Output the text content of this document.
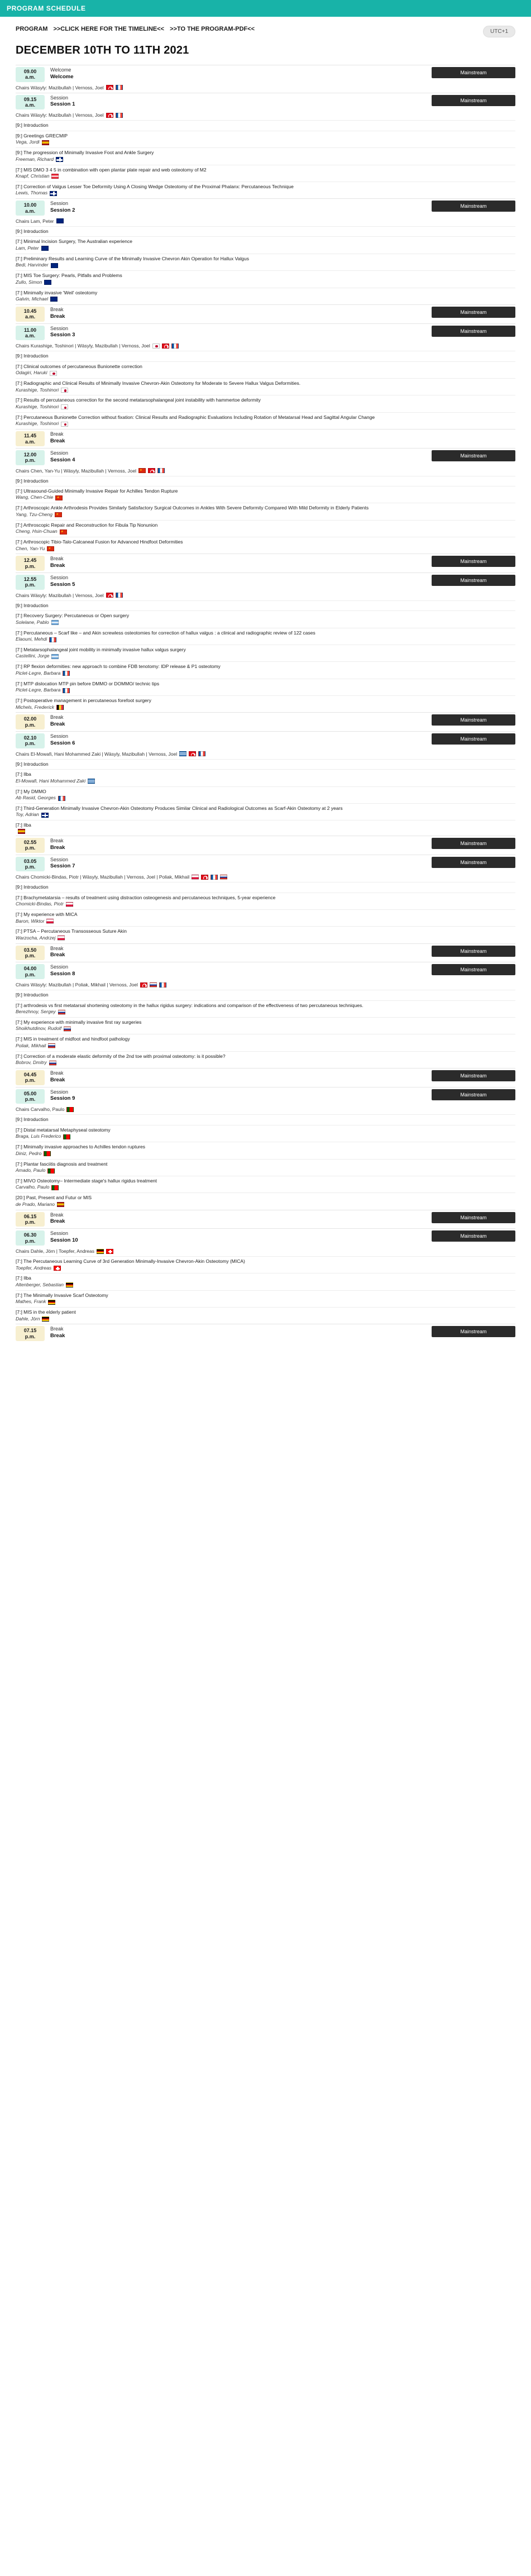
PROGRAM SCHEDULE
PROGRAM >>CLICK HERE FOR THE TIMELINE<< >>TO THE PROGRAM-PDF<<	UTC+1
DECEMBER 10TH TO 11TH 2021
09.00
a.m.
Welcome
Welcome
Mainstream
Chairs Wäsyly: Mazibullah | Vernoss, Joel
09.15
a.m.
Session
Session 1
Mainstream
Chairs Wäsyly: Mazibullah | Vernoss, Joel
[9:] Introduction
[9:] Greetings GRECMIP
Vega, Jordi
[9:] The progression of Minimally Invasive Foot and Ankle Surgery
Freeman, Richard
[7:] MIS DMO 3 4 5 in combination with open plantar plate repair and web osteotomy of M2
Knapf, Christian
[7:] Correction of Valgus Lesser Toe Deformity Using A Closing Wedge Osteotomy of the Proximal Phalanx: Percutaneous Technique
Lewis, Thomas
10.00
a.m.
Session
Session 2
Mainstream
Chairs Lam, Peter
[9:] Introduction
[7:] Minimal Incision Surgery, The Australian experience
Lam, Peter
[7:] Preliminary Results and Learning Curve of the Minimally Invasive Chevron Akin Operation for Hallux Valgus
Bedi, Harvinder
[7:] MIS Toe Surgery: Pearls, Pitfalls and Problems
Zullo, Simon
[7:] Minimally invasive 'Weil' osteotomy
Galvin, Michael
10.45
a.m.
Break
Break
Mainstream
11.00
a.m.
Session
Session 3
Mainstream
Chairs Kurashige, Toshinori | Wäsyly, Mazibullah | Vernoss, Joel
[9:] Introduction
[7:] Clinical outcomes of percutaneous Bunionette correction
Odagiri, Haruki
[7:] Radiographic and Clinical Results of Minimally Invasive Chevron-Akin Osteotomy for Moderate to Severe Hallux Valgus Deformities.
Kurashige, Toshinori
[7:] Results of percutaneous correction for the second metatarsophalangeal joint instability with hammertoe deformity
Kurashige, Toshinori
[7:] Percutaneous Bunionette Correction without fixation: Clinical Results and Radiographic Evaluations Including Rotation of Metatarsal Head and Sagittal Angular Change
Kurashige, Toshinori
11.45
a.m.
Break
Break
12.00
p.m.
Session
Session 4
Mainstream
Chairs Chen, Yan-Yu | Wäsyly, Mazibullah | Vernoss, Joel
★
[9:] Introduction
[7:] Ultrasound-Guided Minimally Invasive Repair for Achilles Tendon Rupture
Wang, Chen-Chie
★
[7:] Arthroscopic Ankle Arthrodesis Provides Similarly Satisfactory Surgical Outcomes in Ankles With Severe Deformity Compared With Mild Deformity in Elderly Patients
Yang, Tzu-Cheng
★
[7:] Arthroscopic Repair and Reconstruction for Fibula Tip Nonunion
Cheng, Hsin-Chuan
★
[7:] Arthroscopic Tibio-Talo-Calcaneal Fusion for Advanced Hindfoot Deformities
Chen, Yan-Yu
★
12.45
p.m.
Break
Break
Mainstream
12.55
p.m.
Session
Session 5
Mainstream
Chairs Wäsyly: Mazibullah | Vernoss, Joel
[9:] Introduction
[7:] Recovery Surgery: Percutaneous or Open surgery
Solelane, Pablo
[7:] Percutaneous – Scarf like – and Akin screwless osteotomies for correction of hallux valgus : a clinical and radiographic review of 122 cases
Elaouni, Mehdi
[7:] Metatarsophalangeal joint mobility in minimally invasive hallux valgus surgery
Castellini, Jorge
[7:] RP flexion deformities: new approach to combine FDB tenotomy: IDP release & P1 osteotomy
Piclet-Legre, Barbara
[7:] MTP dislocation MTP pin before DMMO or DOMMO/ technic tips
Piclet-Legre, Barbara
[7:] Postoperative management in percutaneous forefoot surgery
Michels, Frederick
02.00
p.m.
Break
Break
Mainstream
02.10
p.m.
Session
Session 6
Mainstream
Chairs El-Mowafi, Hani Mohammed Zaki | Wäsyly, Mazibullah | Vernoss, Joel
[9:] Introduction
[7:] Ilba
El-Mowafi, Hani Mohammed Zaki
[7:] My DMMO
Ab Rasid, Georges
[7:] Third-Generation Minimally Invasive Chevron-Akin Osteotomy Produces Similar Clinical and Radiological Outcomes as Scarf-Akin Osteotomy at 2 years
Toy, Adrian
[7:] Ilba
02.55
p.m.
Break
Break
Mainstream
03.05
p.m.
Session
Session 7
Mainstream
Chairs Chomicki-Bindas, Piotr | Wäsyly, Mazibullah | Vernoss, Joel | Poliak, Mikhail
[9:] Introduction
[7:] Brachymetatarsia – results of treatment using distraction osteogenesis and percutaneous techniques, 5-year experience
Chomicki-Bindas, Piotr
[7:] My experience with MICA
Baron, Wiktor
[7:] PTSA – Percutaneous Transosseous Suture Akin
Warzocha, Andrzej
03.50
p.m.
Break
Break
Mainstream
04.00
p.m.
Session
Session 8
Mainstream
Chairs Wäsyly: Mazibullah | Poliak, Mikhail | Vernoss, Joel
[9:] Introduction
[7:] arthrodesis vs first metatarsal shortening osteotomy in the hallux rigidus surgery: indications and comparison of the effectiveness of two percutaneous techniques.
Berezhnoy, Sergey
[7:] My experience with minimally invasive first ray surgeries
Shoikhutdinov, Rudolf
[7:] MIS in treatment of midfoot and hindfoot pathology
Poliak, Mikhail
[7:] Correction of a moderate elastic deformity of the 2nd toe with proximal osteotomy: is it possible?
Bobrov, Dmitry
04.45
p.m.
Break
Break
Mainstream
05.00
p.m.
Session
Session 9
Mainstream
Chairs Carvalho, Paulo
[9:] Introduction
[7:] Distal metatarsal Metaphyseal osteotomy
Braga, Luis Frederico
[7:] Minimally invasive approaches to Achilles tendon ruptures
Diniz, Pedro
[7:] Plantar fasciitis diagnosis and treatment
Amado, Paulo
[7:] MIVO Osteotomy– Intermediate stage's hallux rigidus treatment
Carvalho, Paulo
[20:] Past, Present and Futur or MIS
de Prado, Mariano
06.15
p.m.
Break
Break
Mainstream
06.30
p.m.
Session
Session 10
Mainstream
Chairs Dahle, Jörn | Toepfer, Andreas
[7:] The Percutaneous Learning Curve of 3rd Generation Minimally-Invasive Chevron-Akin Osteotomy (MICA)
Toepfer, Andreas
[7:] Ilba
Altenberger, Sebastian
[7:] The Minimally Invasive Scarf Osteotomy
Mathes, Frank
[7:] MIS in the elderly patient
Dahle, Jörn
07.15
p.m.
Break
Break
Mainstream
